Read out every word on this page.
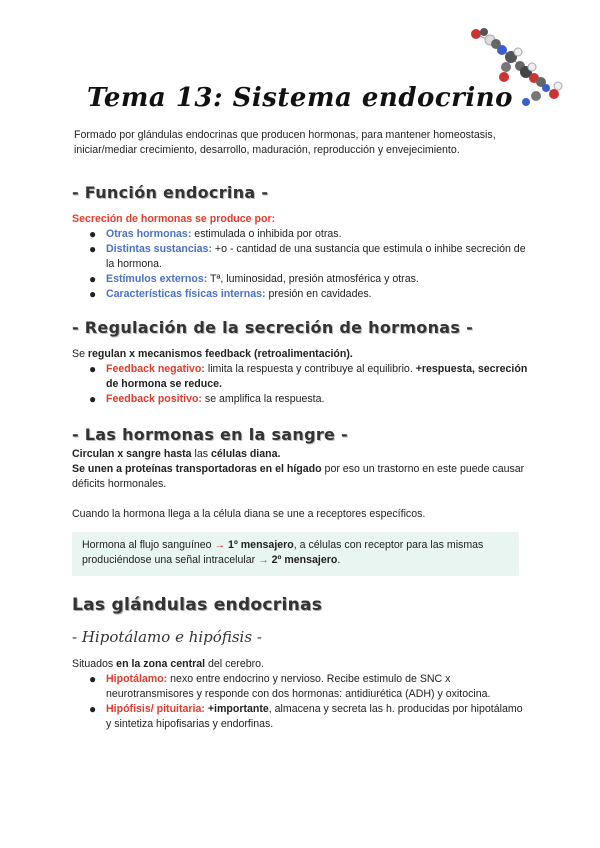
Tema 13: Sistema endocrino
Formado por glándulas endocrinas que producen hormonas, para mantener homeostasis, iniciar/mediar crecimiento, desarrollo, maduración, reproducción y envejecimiento.
- Función endocrina -
Secreción de hormonas se produce por:
● Otras hormonas: estimulada o inhibida por otras.
● Distintas sustancias: +o - cantidad de una sustancia que estimula o inhibe secreción de la hormona.
● Estímulos externos: Tª, luminosidad, presión atmosférica y otras.
● Características físicas internas: presión en cavidades.
- Regulación de la secreción de hormonas -
Se regulan x mecanismos feedback (retroalimentación).
● Feedback negativo: limita la respuesta y contribuye al equilibrio. +respuesta, secreción de hormona se reduce.
● Feedback positivo: se amplifica la respuesta.
- Las hormonas en la sangre -
Circulan x sangre hasta las células diana.
Se unen a proteínas transportadoras en el hígado por eso un trastorno en este puede causar déficits hormonales.
Cuando la hormona llega a la célula diana se une a receptores específicos.
Hormona al flujo sanguíneo → 1º mensajero, a células con receptor para las mismas produciéndose una señal intracelular → 2º mensajero.
Las glándulas endocrinas
- Hipotálamo e hipófisis -
Situados en la zona central del cerebro.
● Hipotálamo: nexo entre endocrino y nervioso. Recibe estimulo de SNC x neurotransmisores y responde con dos hormonas: antidiurética (ADH) y oxitocina.
● Hipófisis/ pituitaria: +importante, almacena y secreta las h. producidas por hipotálamo y sintetiza hipofisarias y endorfinas.
